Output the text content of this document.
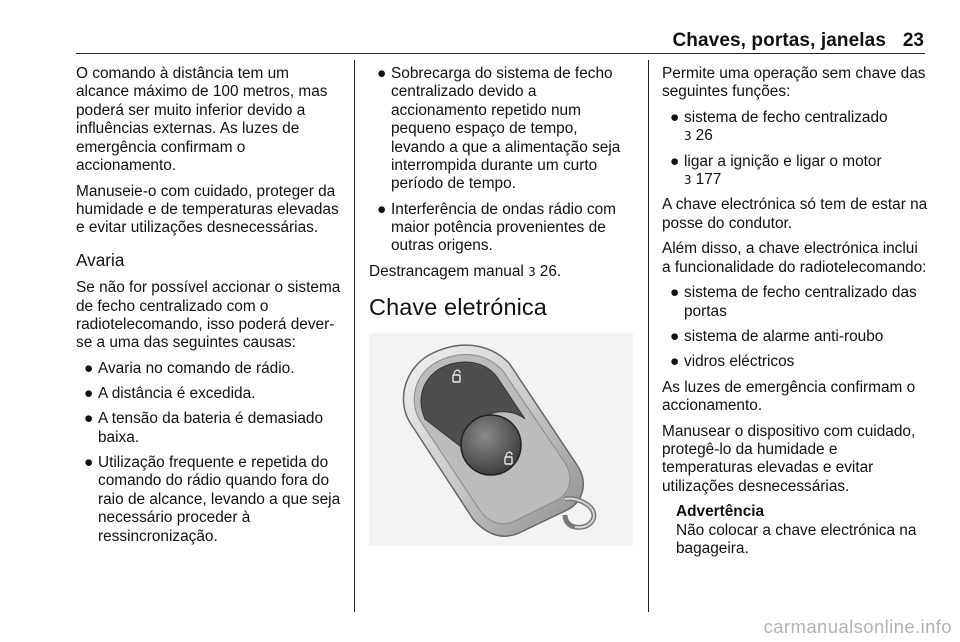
Chaves, portas, janelas 23

O comando à distância tem um alcance máximo de 100 metros, mas poderá ser muito inferior devido a influências externas. As luzes de emergência confirmam o accionamento.

Manuseie-o com cuidado, proteger da humidade e de temperaturas elevadas e evitar utilizações desnecessárias.

Avaria

Se não for possível accionar o sistema de fecho centralizado com o radiotelecomando, isso poderá dever-se a uma das seguintes causas:

● Avaria no comando de rádio.
● A distância é excedida.
● A tensão da bateria é demasiado baixa.
● Utilização frequente e repetida do comando do rádio quando fora do raio de alcance, levando a que seja necessário proceder à ressincronização.
● Sobrecarga do sistema de fecho centralizado devido a accionamento repetido num pequeno espaço de tempo, levando a que a alimentação seja interrompida durante um curto período de tempo.
● Interferência de ondas rádio com maior potência provenientes de outras origens.

Destrancagem manual 3 26.

Chave eletrónica

Permite uma operação sem chave das seguintes funções:

● sistema de fecho centralizado
3 26
● ligar a ignição e ligar o motor
3 177

A chave electrónica só tem de estar na posse do condutor.

Além disso, a chave electrónica inclui a funcionalidade do radiotelecomando:

● sistema de fecho centralizado das portas
● sistema de alarme anti-roubo
● vidros eléctricos

As luzes de emergência confirmam o accionamento.

Manusear o dispositivo com cuidado, protegê-lo da humidade e temperaturas elevadas e evitar utilizações desnecessárias.

Advertência
Não colocar a chave electrónica na bagageira.
carmanualsonline.info
